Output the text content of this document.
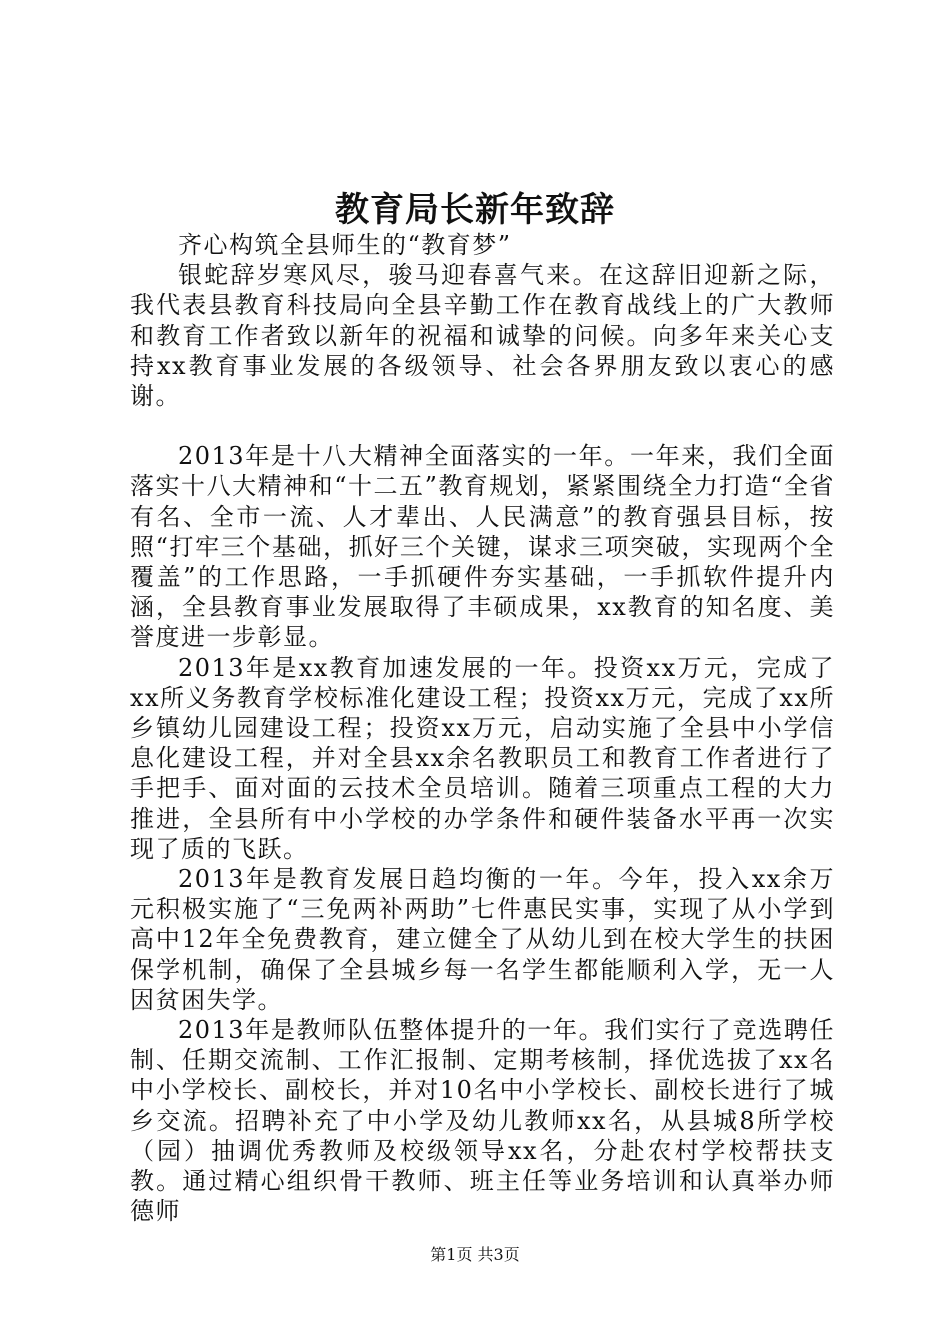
教育局长新年致辞

齐心构筑全县师生的“教育梦”

银蛇辞岁寒风尽，骏马迎春喜气来。在这辞旧迎新之际，我代表县教育科技局向全县辛勤工作在教育战线上的广大教师和教育工作者致以新年的祝福和诚挚的问候。向多年来关心支持xx教育事业发展的各级领导、社会各界朋友致以衷心的感谢。

2013年是十八大精神全面落实的一年。一年来，我们全面落实十八大精神和“十二五”教育规划，紧紧围绕全力打造“全省有名、全市一流、人才辈出、人民满意”的教育强县目标，按照“打牢三个基础，抓好三个关键，谋求三项突破，实现两个全覆盖”的工作思路，一手抓硬件夯实基础，一手抓软件提升内涵，全县教育事业发展取得了丰硕成果，xx教育的知名度、美誉度进一步彰显。

2013年是xx教育加速发展的一年。投资xx万元，完成了xx所义务教育学校标准化建设工程；投资xx万元，完成了xx所乡镇幼儿园建设工程；投资xx万元，启动实施了全县中小学信息化建设工程，并对全县xx余名教职员工和教育工作者进行了手把手、面对面的云技术全员培训。随着三项重点工程的大力推进，全县所有中小学校的办学条件和硬件装备水平再一次实现了质的飞跃。

2013年是教育发展日趋均衡的一年。今年，投入xx余万元积极实施了“三免两补两助”七件惠民实事，实现了从小学到高中12年全免费教育，建立健全了从幼儿到在校大学生的扶困保学机制，确保了全县城乡每一名学生都能顺利入学，无一人因贫困失学。

2013年是教师队伍整体提升的一年。我们实行了竞选聘任制、任期交流制、工作汇报制、定期考核制，择优选拔了xx名中小学校长、副校长，并对10名中小学校长、副校长进行了城乡交流。招聘补充了中小学及幼儿教师xx名，从县城8所学校（园）抽调优秀教师及校级领导xx名，分赴农村学校帮扶支教。通过精心组织骨干教师、班主任等业务培训和认真举办师德师

第1页 共3页
